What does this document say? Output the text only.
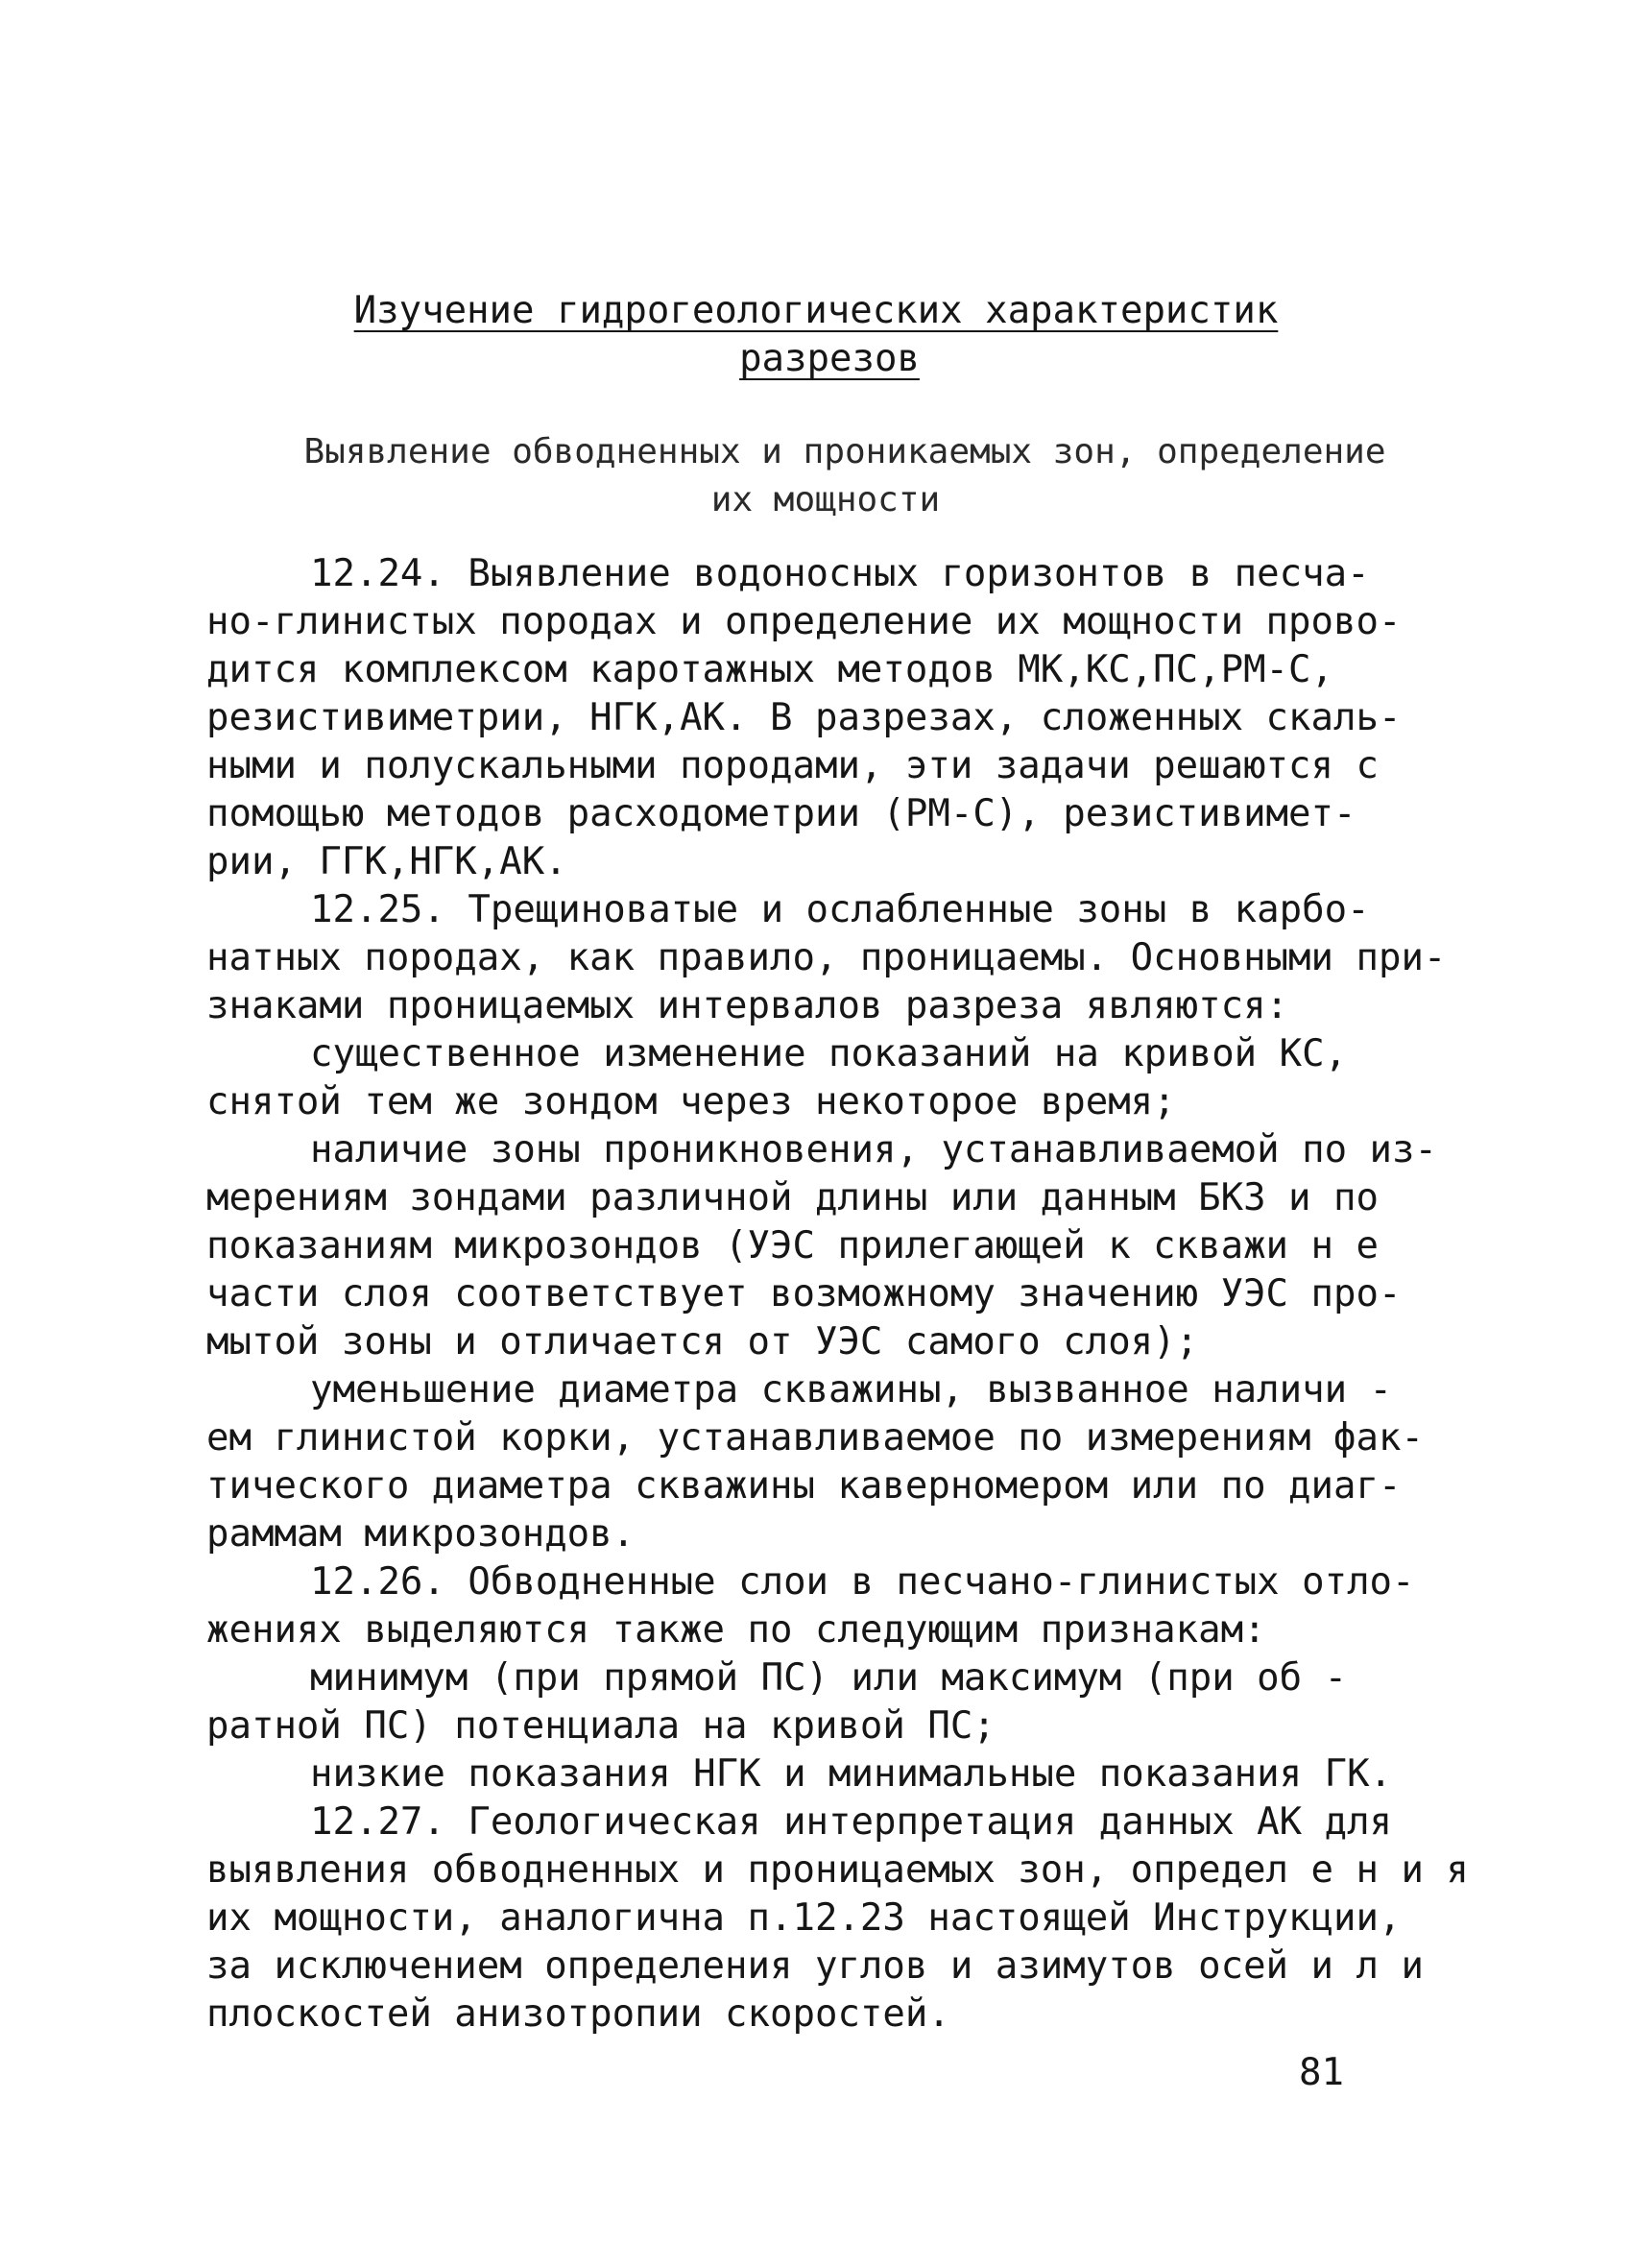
Изучение гидрогеологических характеристик
разрезов
Выявление обводненных и проникаемых зон, определение
их мощности
12.24. Выявление водоносных горизонтов в песча-
но-глинистых породах и определение их мощности прово-
дится комплексом каротажных методов МК,КС,ПС,РМ-С,
резистивиметрии, НГК,АК. В разрезах, сложенных скаль-
ными и полускальными породами, эти задачи решаются с
помощью методов расходометрии (РМ-С), резистивимет-
рии, ГГК,НГК,АК.
12.25. Трещиноватые и ослабленные зоны в карбо-
натных породах, как правило, проницаемы. Основными при-
знаками проницаемых интервалов разреза являются:
существенное изменение показаний на кривой КС,
снятой тем же зондом через некоторое время;
наличие зоны проникновения, устанавливаемой по из-
мерениям зондами различной длины или данным БКЗ и по
показаниям микрозондов (УЭС прилегающей к скважи н е
части слоя соответствует возможному значению УЭС про-
мытой зоны и отличается от УЭС самого слоя);
уменьшение диаметра скважины, вызванное наличи -
ем глинистой корки, устанавливаемое по измерениям фак-
тического диаметра скважины каверномером или по диаг-
раммам микрозондов.
12.26. Обводненные слои в песчано-глинистых отло-
жениях выделяются также по следующим признакам:
минимум (при прямой ПС) или максимум (при об -
ратной ПС) потенциала на кривой ПС;
низкие показания НГК и минимальные показания ГК.
12.27. Геологическая интерпретация данных АК для
выявления обводненных и проницаемых зон, определ е н и я
их мощности, аналогична п.12.23 настоящей Инструкции,
за исключением определения углов и азимутов осей и л и
плоскостей анизотропии скоростей.
81
